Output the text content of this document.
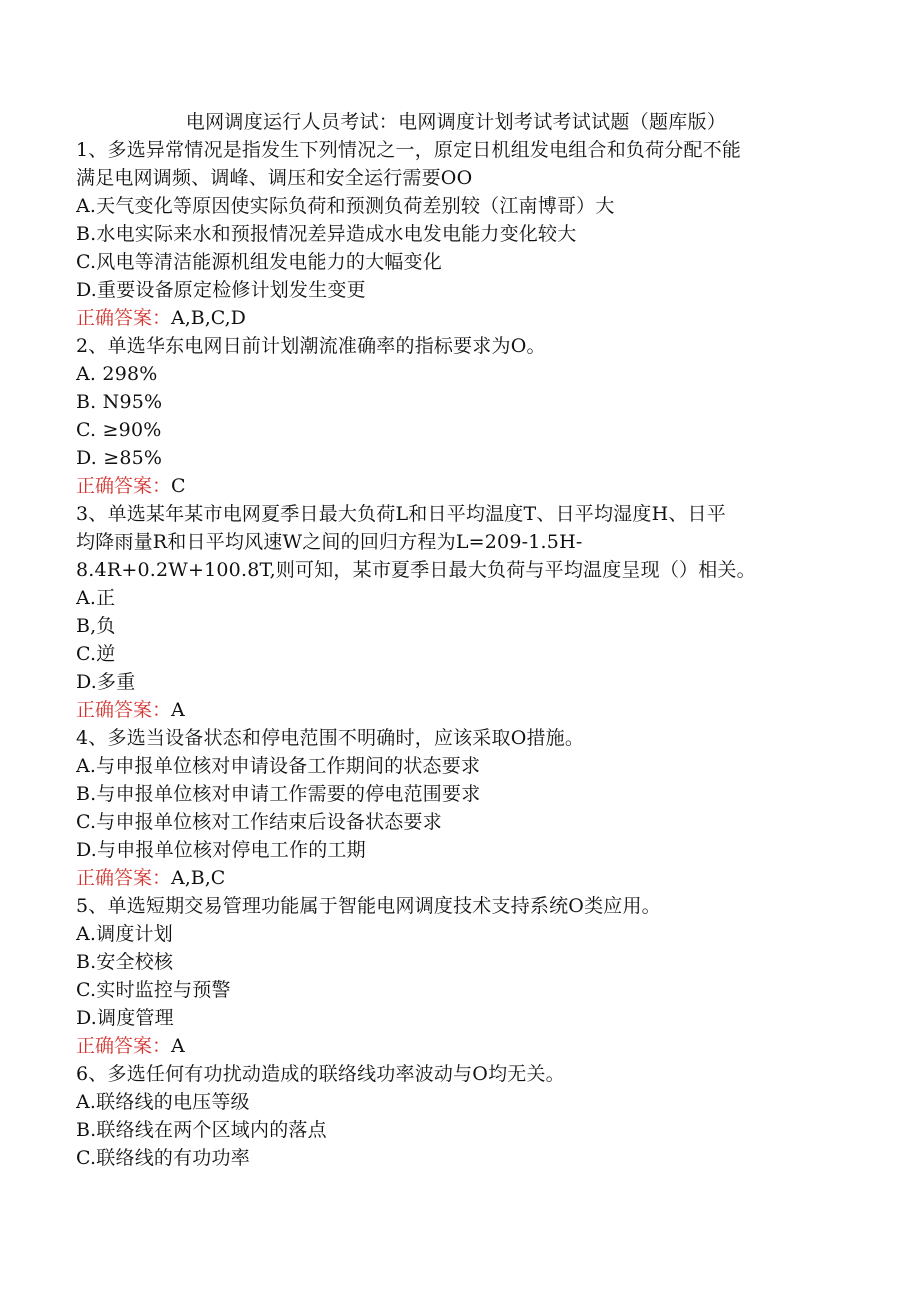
电网调度运行人员考试：电网调度计划考试考试试题（题库版）

1、多选异常情况是指发生下列情况之一，原定日机组发电组合和负荷分配不能

满足电网调频、调峰、调压和安全运行需要OO

A.天气变化等原因使实际负荷和预测负荷差别较（江南博哥）大

B.水电实际来水和预报情况差异造成水电发电能力变化较大

C.风电等清洁能源机组发电能力的大幅变化

D.重要设备原定检修计划发生变更

正确答案：A,B,C,D

2、单选华东电网日前计划潮流准确率的指标要求为O。

A. 298%

B. N95%

C. ≥90%

D. ≥85%

正确答案：C

3、单选某年某市电网夏季日最大负荷L和日平均温度T、日平均湿度H、日平

均降雨量R和日平均风速W之间的回归方程为L=209-1.5H-

8.4R+0.2W+100.8T,则可知，某市夏季日最大负荷与平均温度呈现（）相关。

A.正

B,负

C.逆

D.多重

正确答案：A

4、多选当设备状态和停电范围不明确时，应该采取O措施。

A.与申报单位核对申请设备工作期间的状态要求

B.与申报单位核对申请工作需要的停电范围要求

C.与申报单位核对工作结束后设备状态要求

D.与申报单位核对停电工作的工期

正确答案：A,B,C

5、单选短期交易管理功能属于智能电网调度技术支持系统O类应用。

A.调度计划

B.安全校核

C.实时监控与预警

D.调度管理

正确答案：A

6、多选任何有功扰动造成的联络线功率波动与O均无关。

A.联络线的电压等级

B.联络线在两个区域内的落点

C.联络线的有功功率
